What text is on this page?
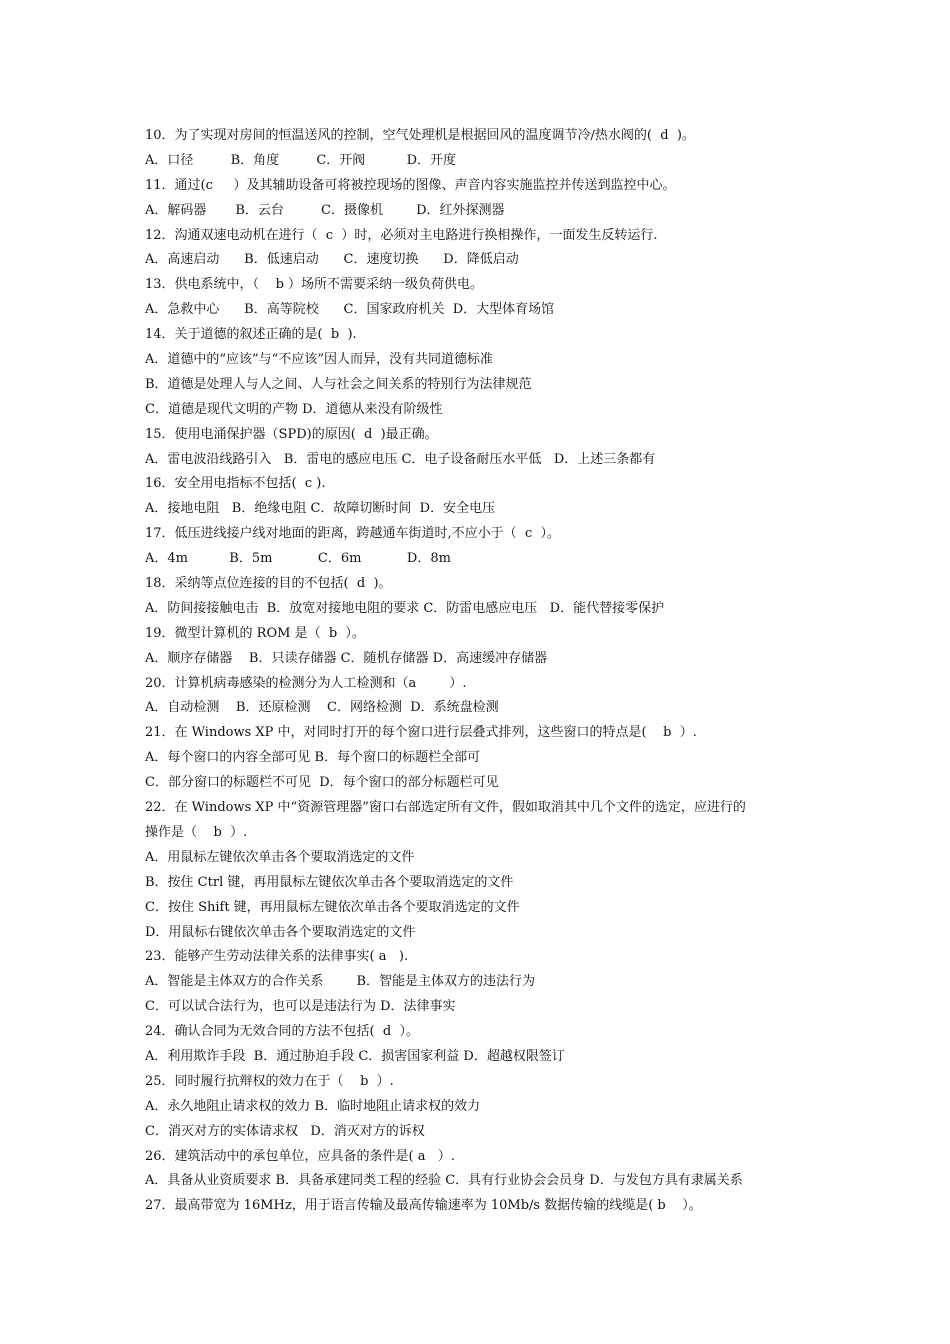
10．为了实现对房间的恒温送风的控制，空气处理机是根据回风的温度调节冷/热水阀的(  d  )。
A．口径         B．角度         C．开阀          D．开度
11．通过(c     ）及其辅助设备可将被控现场的图像、声音内容实施监控并传送到监控中心。
A．解码器       B．云台         C．摄像机        D．红外探测器
12．沟通双速电动机在进行（  c  ）时，必须对主电路进行换相操作，一面发生反转运行.
A．高速启动      B．低速启动      C．速度切换      D．降低启动
13．供电系统中，（    b ）场所不需要采纳一级负荷供电。
A．急救中心      B．高等院校      C．国家政府机关  D．大型体育场馆
14．关于道德的叙述正确的是(  b  ).
A．道德中的“应该”与“不应该”因人而异，没有共同道德标准
B．道德是处理人与人之间、人与社会之间关系的特别行为法律规范
C．道德是现代文明的产物 D．道德从来没有阶级性
15．使用电涌保护器（SPD)的原因(  d  )最正确。
A．雷电波沿线路引入   B．雷电的感应电压 C．电子设备耐压水平低   D．上述三条都有
16．安全用电指标不包括(  c ).
A．接地电阻   B．绝缘电阻 C．故障切断时间  D．安全电压
17．低压进线接户线对地面的距离，跨越通车街道时,不应小于（  c  ）。
A．4m          B．5m           C．6m           D．8m
18．采纳等点位连接的目的不包括(  d  )。
A．防间接接触电击  B．放宽对接地电阻的要求 C．防雷电感应电压   D．能代替接零保护
19．微型计算机的 ROM 是（  b  ）。
A．顺序存储器    B．只读存储器 C．随机存储器 D．高速缓冲存储器
20．计算机病毒感染的检测分为人工检测和（a        ）.
A．自动检测    B．还原检测    C．网络检测  D．系统盘检测
21．在 Windows XP 中，对同时打开的每个窗口进行层叠式排列，这些窗口的特点是(    b  ）.
A．每个窗口的内容全部可见 B．每个窗口的标题栏全部可
C．部分窗口的标题栏不可见  D．每个窗口的部分标题栏可见
22．在 Windows XP 中“资源管理器”窗口右部选定所有文件，假如取消其中几个文件的选定，应进行的
操作是（    b  ）.
A．用鼠标左键依次单击各个要取消选定的文件
B．按住 Ctrl 键，再用鼠标左键依次单击各个要取消选定的文件
C．按住 Shift 键，再用鼠标左键依次单击各个要取消选定的文件
D．用鼠标右键依次单击各个要取消选定的文件
23．能够产生劳动法律关系的法律事实( a   ).
A．智能是主体双方的合作关系        B．智能是主体双方的违法行为
C．可以试合法行为，也可以是违法行为 D．法律事实
24．确认合同为无效合同的方法不包括(  d  ）。
A．利用欺诈手段  B．通过胁迫手段 C．损害国家利益 D．超越权限签订
25．同时履行抗辩权的效力在于（    b  ）.
A．永久地阻止请求权的效力 B．临时地阻止请求权的效力
C．消灭对方的实体请求权   D．消灭对方的诉权
26．建筑活动中的承包单位，应具备的条件是( a   ）.
A．具备从业资质要求 B．具备承建同类工程的经验 C．具有行业协会会员身 D．与发包方具有隶属关系
27．最高带宽为 16MHz，用于语言传输及最高传输速率为 10Mb/s 数据传输的线缆是( b    ）。
